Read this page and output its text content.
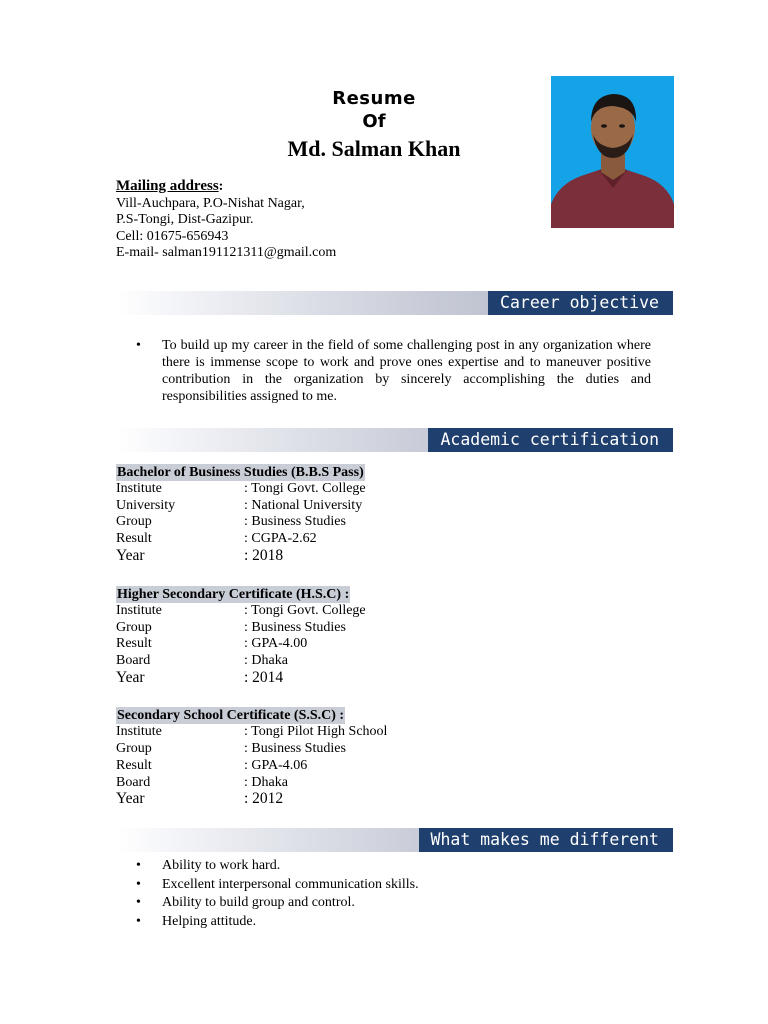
Resume
Of
Md. Salman Khan
Mailing address:
Vill-Auchpara, P.O-Nishat Nagar,
P.S-Tongi, Dist-Gazipur.
Cell: 01675-656943
E-mail- salman191121311@gmail.com
Career objective
• To build up my career in the field of some challenging post in any organization where there is immense scope to work and prove ones expertise and to maneuver positive contribution in the organization by sincerely accomplishing the duties and responsibilities assigned to me.
Academic certification
Bachelor of Business Studies (B.B.S Pass)
Institute	: Tongi Govt. College
University	: National University
Group	: Business Studies
Result	: CGPA-2.62
Year	: 2018
Higher Secondary Certificate (H.S.C) :
Institute	: Tongi Govt. College
Group	: Business Studies
Result	: GPA-4.00
Board	: Dhaka
Year	: 2014
Secondary School Certificate (S.S.C) :
Institute	: Tongi Pilot High School
Group	: Business Studies
Result	: GPA-4.06
Board	: Dhaka
Year	: 2012
What makes me different
• Ability to work hard.
• Excellent interpersonal communication skills.
• Ability to build group and control.
• Helping attitude.
